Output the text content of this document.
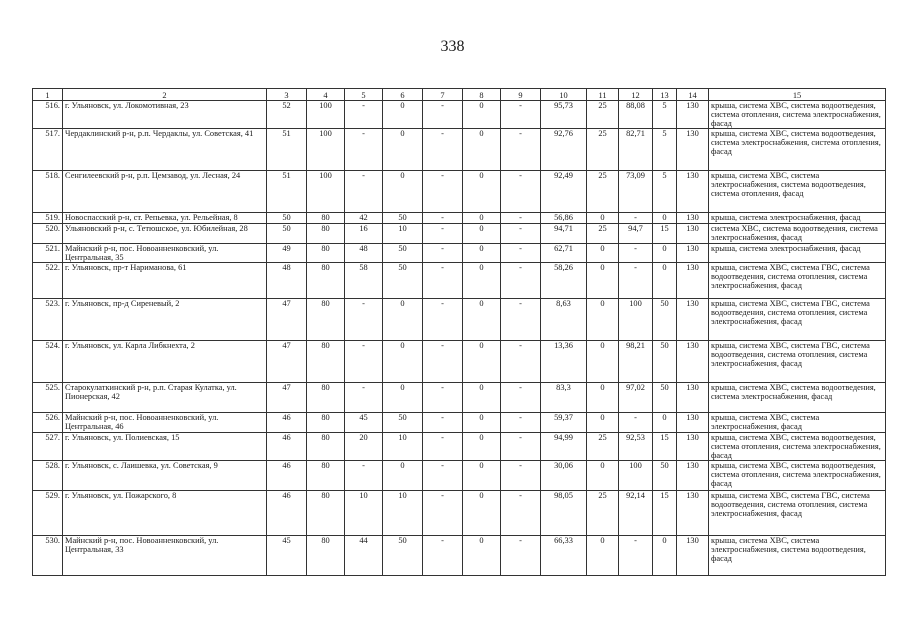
338
1	2	3	4	5	6	7	8	9	10	11	12	13	14	15
516.	г. Ульяновск, ул. Локомотивная, 23	52	100	-	0	-	0	-	95,73	25	88,08	5	130	крыша, система ХВС, система водоотведения, система отопления, система электроснабжения, фасад
517.	Чердаклинский р-н, р.п. Чердаклы, ул. Советская, 41	51	100	-	0	-	0	-	92,76	25	82,71	5	130	крыша, система ХВС, система водоотведения, система электроснабжения, система отопления, фасад
518.	Сенгилеевский р-н, р.п. Цемзавод, ул. Лесная, 24	51	100	-	0	-	0	-	92,49	25	73,09	5	130	крыша, система ХВС, система электроснабжения, система водоотведения, система отопления, фасад
519.	Новоспасский р-н, ст. Репьевка, ул. Рельейная, 8	50	80	42	50	-	0	-	56,86	0	-	0	130	крыша, система электроснабжения, фасад
520.	Ульяновский р-н, с. Тетюшское, ул. Юбилейная, 28	50	80	16	10	-	0	-	94,71	25	94,7	15	130	система ХВС, система водоотведения, система электроснабжения, фасад
521.	Майнский р-н, пос. Новоанненковский, ул. Центральная, 35	49	80	48	50	-	0	-	62,71	0	-	0	130	крыша, система электроснабжения, фасад
522.	г. Ульяновск, пр-т Нариманова, 61	48	80	58	50	-	0	-	58,26	0	-	0	130	крыша, система ХВС, система ГВС, система водоотведения, система отопления, система электроснабжения, фасад
523.	г. Ульяновск, пр-д Сиреневый, 2	47	80	-	0	-	0	-	8,63	0	100	50	130	крыша, система ХВС, система ГВС, система водоотведения, система отопления, система электроснабжения, фасад
524.	г. Ульяновск, ул. Карла Либкнехта, 2	47	80	-	0	-	0	-	13,36	0	98,21	50	130	крыша, система ХВС, система ГВС, система водоотведения, система отопления, система электроснабжения, фасад
525.	Старокулаткинский р-н, р.п. Старая Кулатка, ул. Пионерская, 42	47	80	-	0	-	0	-	83,3	0	97,02	50	130	крыша, система ХВС, система водоотведения, система электроснабжения, фасад
526.	Майнский р-н, пос. Новоанненковский, ул. Центральная, 46	46	80	45	50	-	0	-	59,37	0	-	0	130	крыша, система ХВС, система электроснабжения, фасад
527.	г. Ульяновск, ул. Полиевская, 15	46	80	20	10	-	0	-	94,99	25	92,53	15	130	крыша, система ХВС, система водоотведения, система отопления, система электроснабжения, фасад
528.	г. Ульяновск, с. Лаишевка, ул. Советская, 9	46	80	-	0	-	0	-	30,06	0	100	50	130	крыша, система ХВС, система водоотведения, система отопления, система электроснабжения, фасад
529.	г. Ульяновск, ул. Пожарского, 8	46	80	10	10	-	0	-	98,05	25	92,14	15	130	крыша, система ХВС, система ГВС, система водоотведения, система отопления, система электроснабжения, фасад
530.	Майнский р-н, пос. Новоанненковский, ул. Центральная, 33	45	80	44	50	-	0	-	66,33	0	-	0	130	крыша, система ХВС, система электроснабжения, система водоотведения, фасад
